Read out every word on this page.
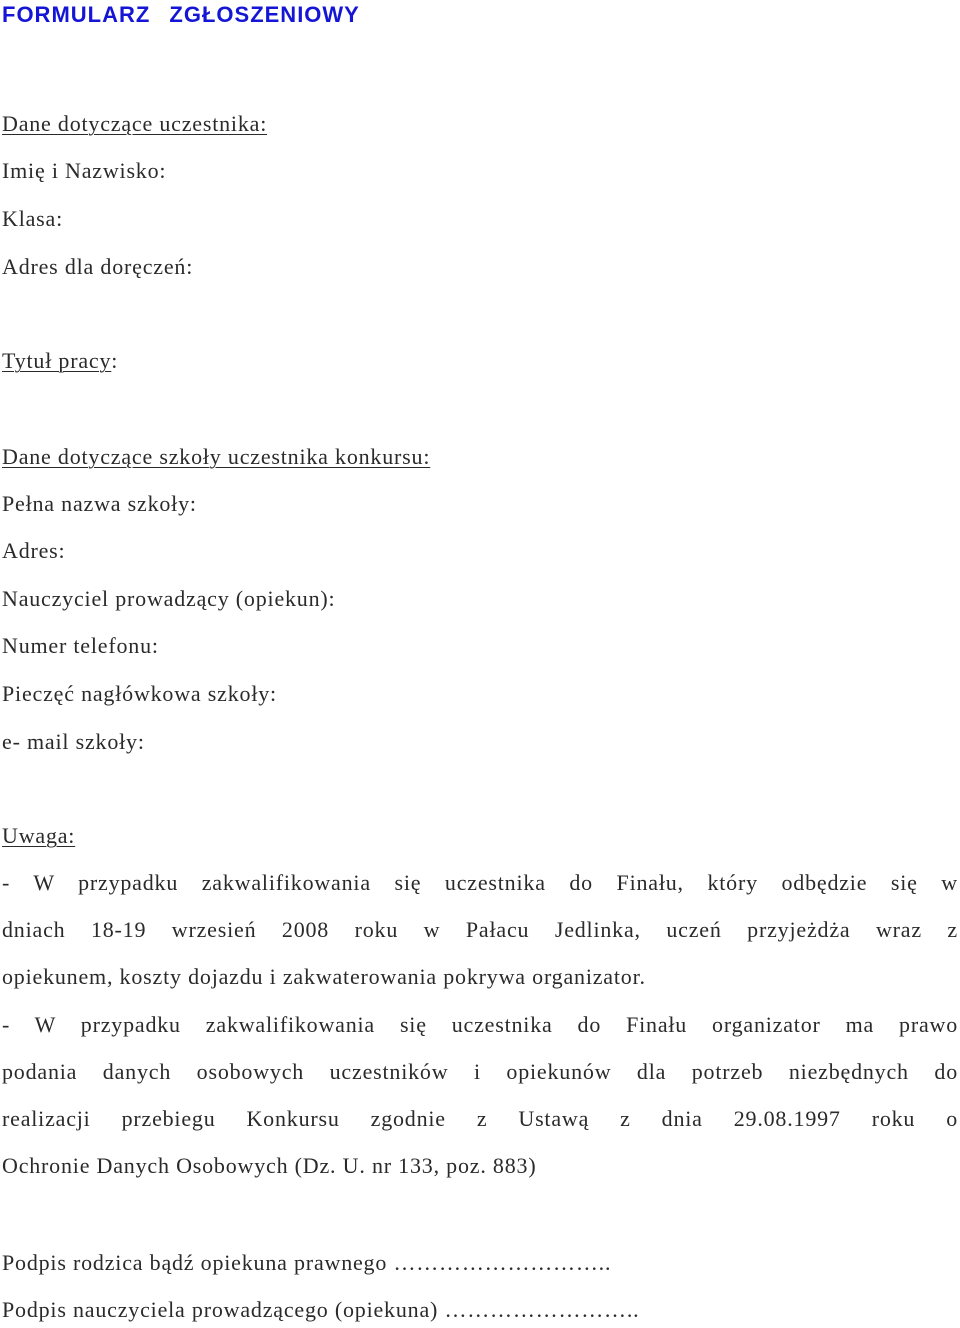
FORMULARZ ZGŁOSZENIOWY
Dane dotyczące uczestnika:
Imię i Nazwisko:
Klasa:
Adres dla doręczeń:
Tytuł pracy:
Dane dotyczące szkoły uczestnika konkursu:
Pełna nazwa szkoły:
Adres:
Nauczyciel prowadzący (opiekun):
Numer telefonu:
Pieczęć nagłówkowa szkoły:
e- mail szkoły:
Uwaga:
- W przypadku zakwalifikowania się uczestnika do Finału, który odbędzie się w
dniach 18-19 wrzesień 2008 roku w Pałacu Jedlinka, uczeń przyjeżdża wraz z
opiekunem, koszty dojazdu i zakwaterowania pokrywa organizator.
- W przypadku zakwalifikowania się uczestnika do Finału organizator ma prawo
podania danych osobowych uczestników i opiekunów dla potrzeb niezbędnych do
realizacji przebiegu Konkursu zgodnie z Ustawą z dnia 29.08.1997 roku o
Ochronie Danych Osobowych (Dz. U. nr 133, poz. 883)
Podpis rodzica bądź opiekuna prawnego ………………………..
Podpis nauczyciela prowadzącego (opiekuna) ……………………..
